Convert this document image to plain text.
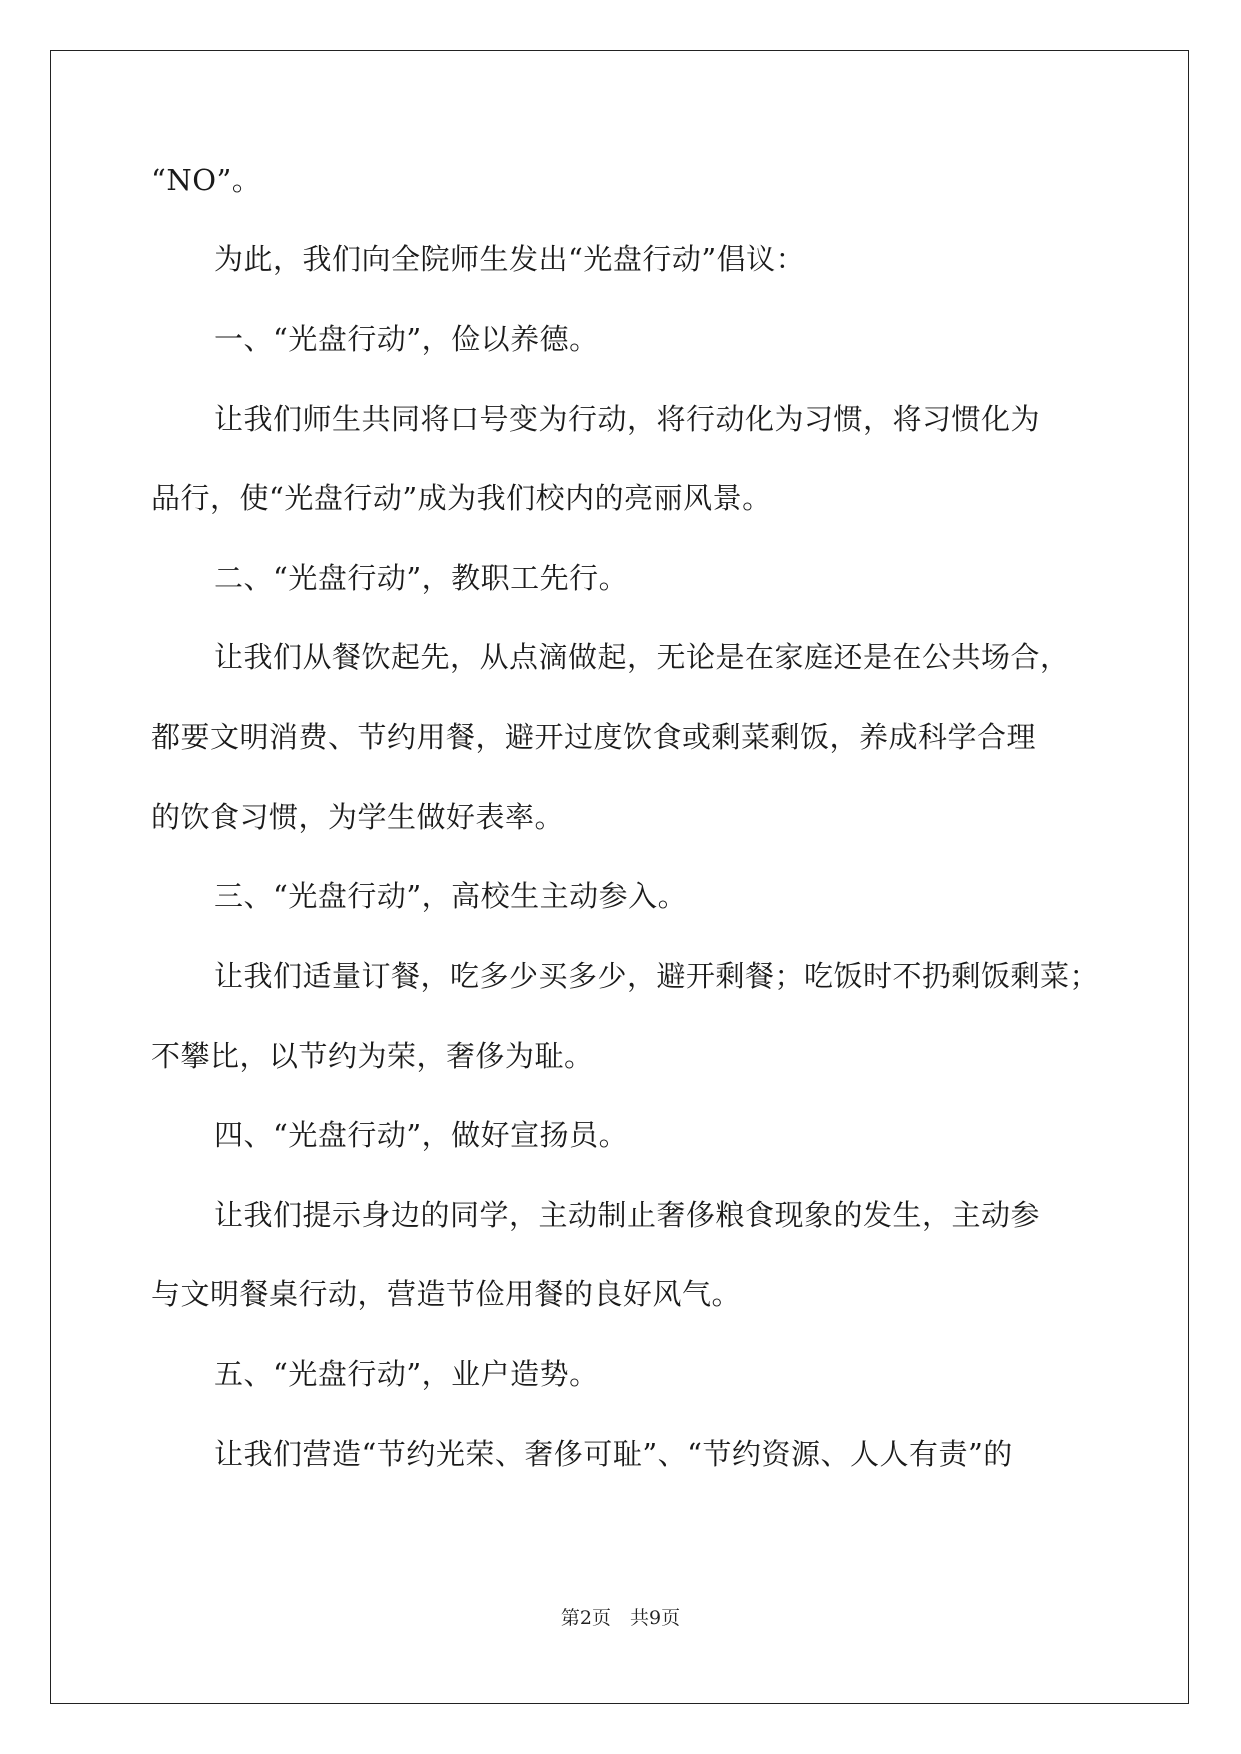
“NO”。
为此，我们向全院师生发出“光盘行动”倡议：
一、“光盘行动”，俭以养德。
让我们师生共同将口号变为行动，将行动化为习惯，将习惯化为
品行，使“光盘行动”成为我们校内的亮丽风景。
二、“光盘行动”，教职工先行。
让我们从餐饮起先，从点滴做起，无论是在家庭还是在公共场合，
都要文明消费、节约用餐，避开过度饮食或剩菜剩饭，养成科学合理
的饮食习惯，为学生做好表率。
三、“光盘行动”，高校生主动参入。
让我们适量订餐，吃多少买多少，避开剩餐；吃饭时不扔剩饭剩菜；
不攀比，以节约为荣，奢侈为耻。
四、“光盘行动”，做好宣扬员。
让我们提示身边的同学，主动制止奢侈粮食现象的发生，主动参
与文明餐桌行动，营造节俭用餐的良好风气。
五、“光盘行动”，业户造势。
让我们营造“节约光荣、奢侈可耻”、“节约资源、人人有责”的
第2页　共9页
